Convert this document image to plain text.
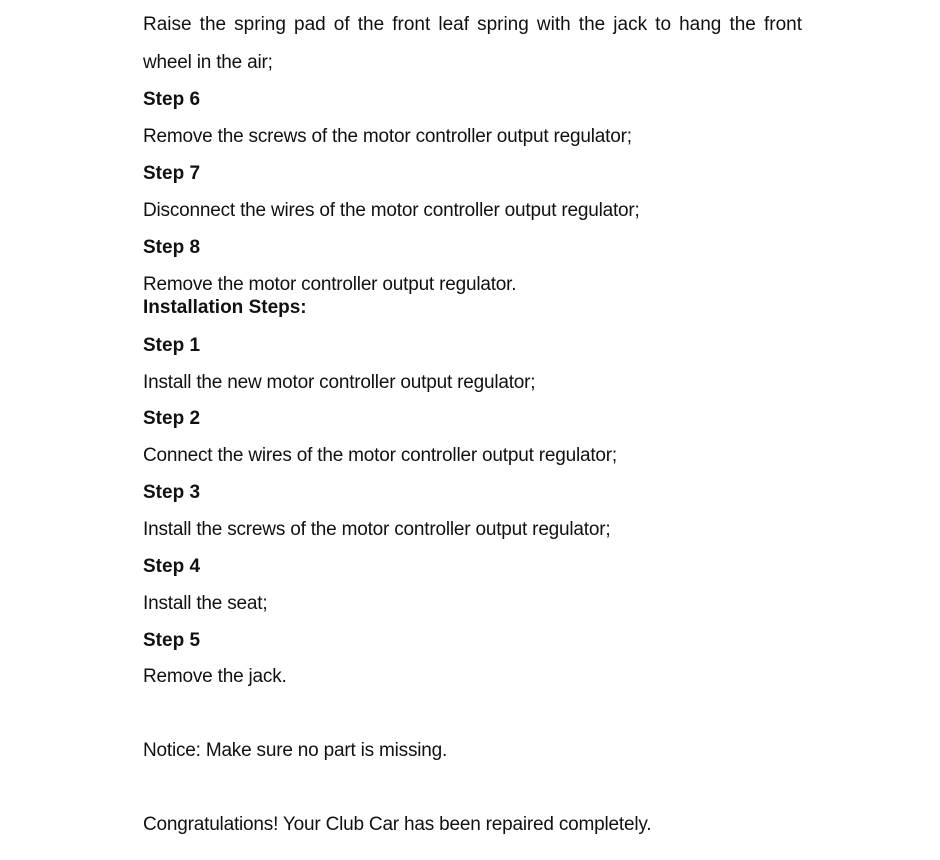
Raise the spring pad of the front leaf spring with the jack to hang the front
wheel in the air;
Step 6
Remove the screws of the motor controller output regulator;
Step 7
Disconnect the wires of the motor controller output regulator;
Step 8
Remove the motor controller output regulator.
Installation Steps:
Step 1
Install the new motor controller output regulator;
Step 2
Connect the wires of the motor controller output regulator;
Step 3
Install the screws of the motor controller output regulator;
Step 4
Install the seat;
Step 5
Remove the jack.
Notice: Make sure no part is missing.
Congratulations! Your Club Car has been repaired completely.
